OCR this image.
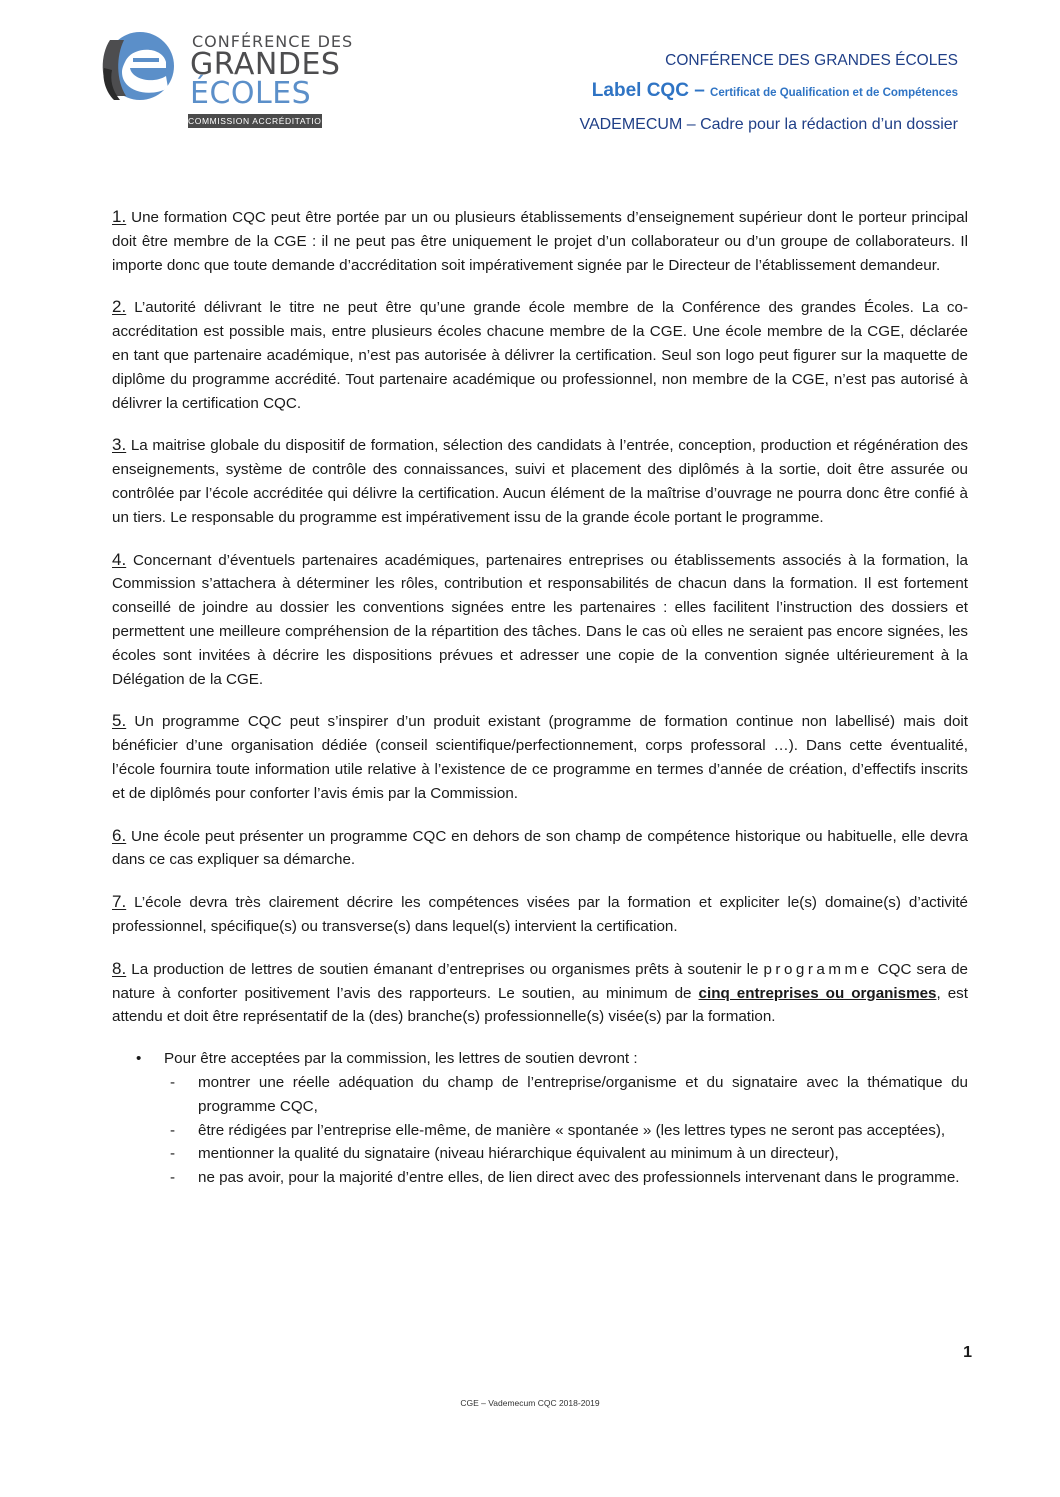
CONFÉRENCE DES
GRANDES
ÉCOLES
COMMISSION ACCRÉDITATION
CONFÉRENCE DES GRANDES ÉCOLES
Label CQC – Certificat de Qualification et de Compétences
VADEMECUM – Cadre pour la rédaction d’un dossier

1. Une formation CQC peut être portée par un ou plusieurs établissements d’enseignement supérieur dont le porteur principal doit être membre de la CGE : il ne peut pas être uniquement le projet d’un collaborateur ou d’un groupe de collaborateurs. Il importe donc que toute demande d’accréditation soit impérativement signée par le Directeur de l’établissement demandeur.

2. L’autorité délivrant le titre ne peut être qu’une grande école membre de la Conférence des grandes Écoles. La co-accréditation est possible mais, entre plusieurs écoles chacune membre de la CGE. Une école membre de la CGE, déclarée en tant que partenaire académique, n’est pas autorisée à délivrer la certification. Seul son logo peut figurer sur la maquette de diplôme du programme accrédité. Tout partenaire académique ou professionnel, non membre de la CGE, n’est pas autorisé à délivrer la certification CQC.

3. La maitrise globale du dispositif de formation, sélection des candidats à l’entrée, conception, production et régénération des enseignements, système de contrôle des connaissances, suivi et placement des diplômés à la sortie, doit être assurée ou contrôlée par l’école accréditée qui délivre la certification. Aucun élément de la maîtrise d’ouvrage ne pourra donc être confié à un tiers. Le responsable du programme est impérativement issu de la grande école portant le programme.

4. Concernant d’éventuels partenaires académiques, partenaires entreprises ou établissements associés à la formation, la Commission s’attachera à déterminer les rôles, contribution et responsabilités de chacun dans la formation. Il est fortement conseillé de joindre au dossier les conventions signées entre les partenaires : elles facilitent l’instruction des dossiers et permettent une meilleure compréhension de la répartition des tâches. Dans le cas où elles ne seraient pas encore signées, les écoles sont invitées à décrire les dispositions prévues et adresser une copie de la convention signée ultérieurement à la Délégation de la CGE.

5. Un programme CQC peut s’inspirer d’un produit existant (programme de formation continue non labellisé) mais doit bénéficier d’une organisation dédiée (conseil scientifique/perfectionnement, corps professoral …). Dans cette éventualité, l’école fournira toute information utile relative à l’existence de ce programme en termes d’année de création, d’effectifs inscrits et de diplômés pour conforter l’avis émis par la Commission.

6. Une école peut présenter un programme CQC en dehors de son champ de compétence historique ou habituelle, elle devra dans ce cas expliquer sa démarche.

7. L’école devra très clairement décrire les compétences visées par la formation et expliciter le(s) domaine(s) d’activité professionnel, spécifique(s) ou transverse(s) dans lequel(s) intervient la certification.

8. La production de lettres de soutien émanant d’entreprises ou organismes prêts à soutenir le programme CQC sera de nature à conforter positivement l’avis des rapporteurs. Le soutien, au minimum de cinq entreprises ou organismes, est attendu et doit être représentatif de la (des) branche(s) professionnelle(s) visée(s) par la formation.

• Pour être acceptées par la commission, les lettres de soutien devront :
- montrer une réelle adéquation du champ de l’entreprise/organisme et du signataire avec la thématique du programme CQC,
- être rédigées par l’entreprise elle-même, de manière « spontanée » (les lettres types ne seront pas acceptées),
- mentionner la qualité du signataire (niveau hiérarchique équivalent au minimum à un directeur),
- ne pas avoir, pour la majorité d’entre elles, de lien direct avec des professionnels intervenant dans le programme.
1
CGE – Vademecum CQC 2018-2019
